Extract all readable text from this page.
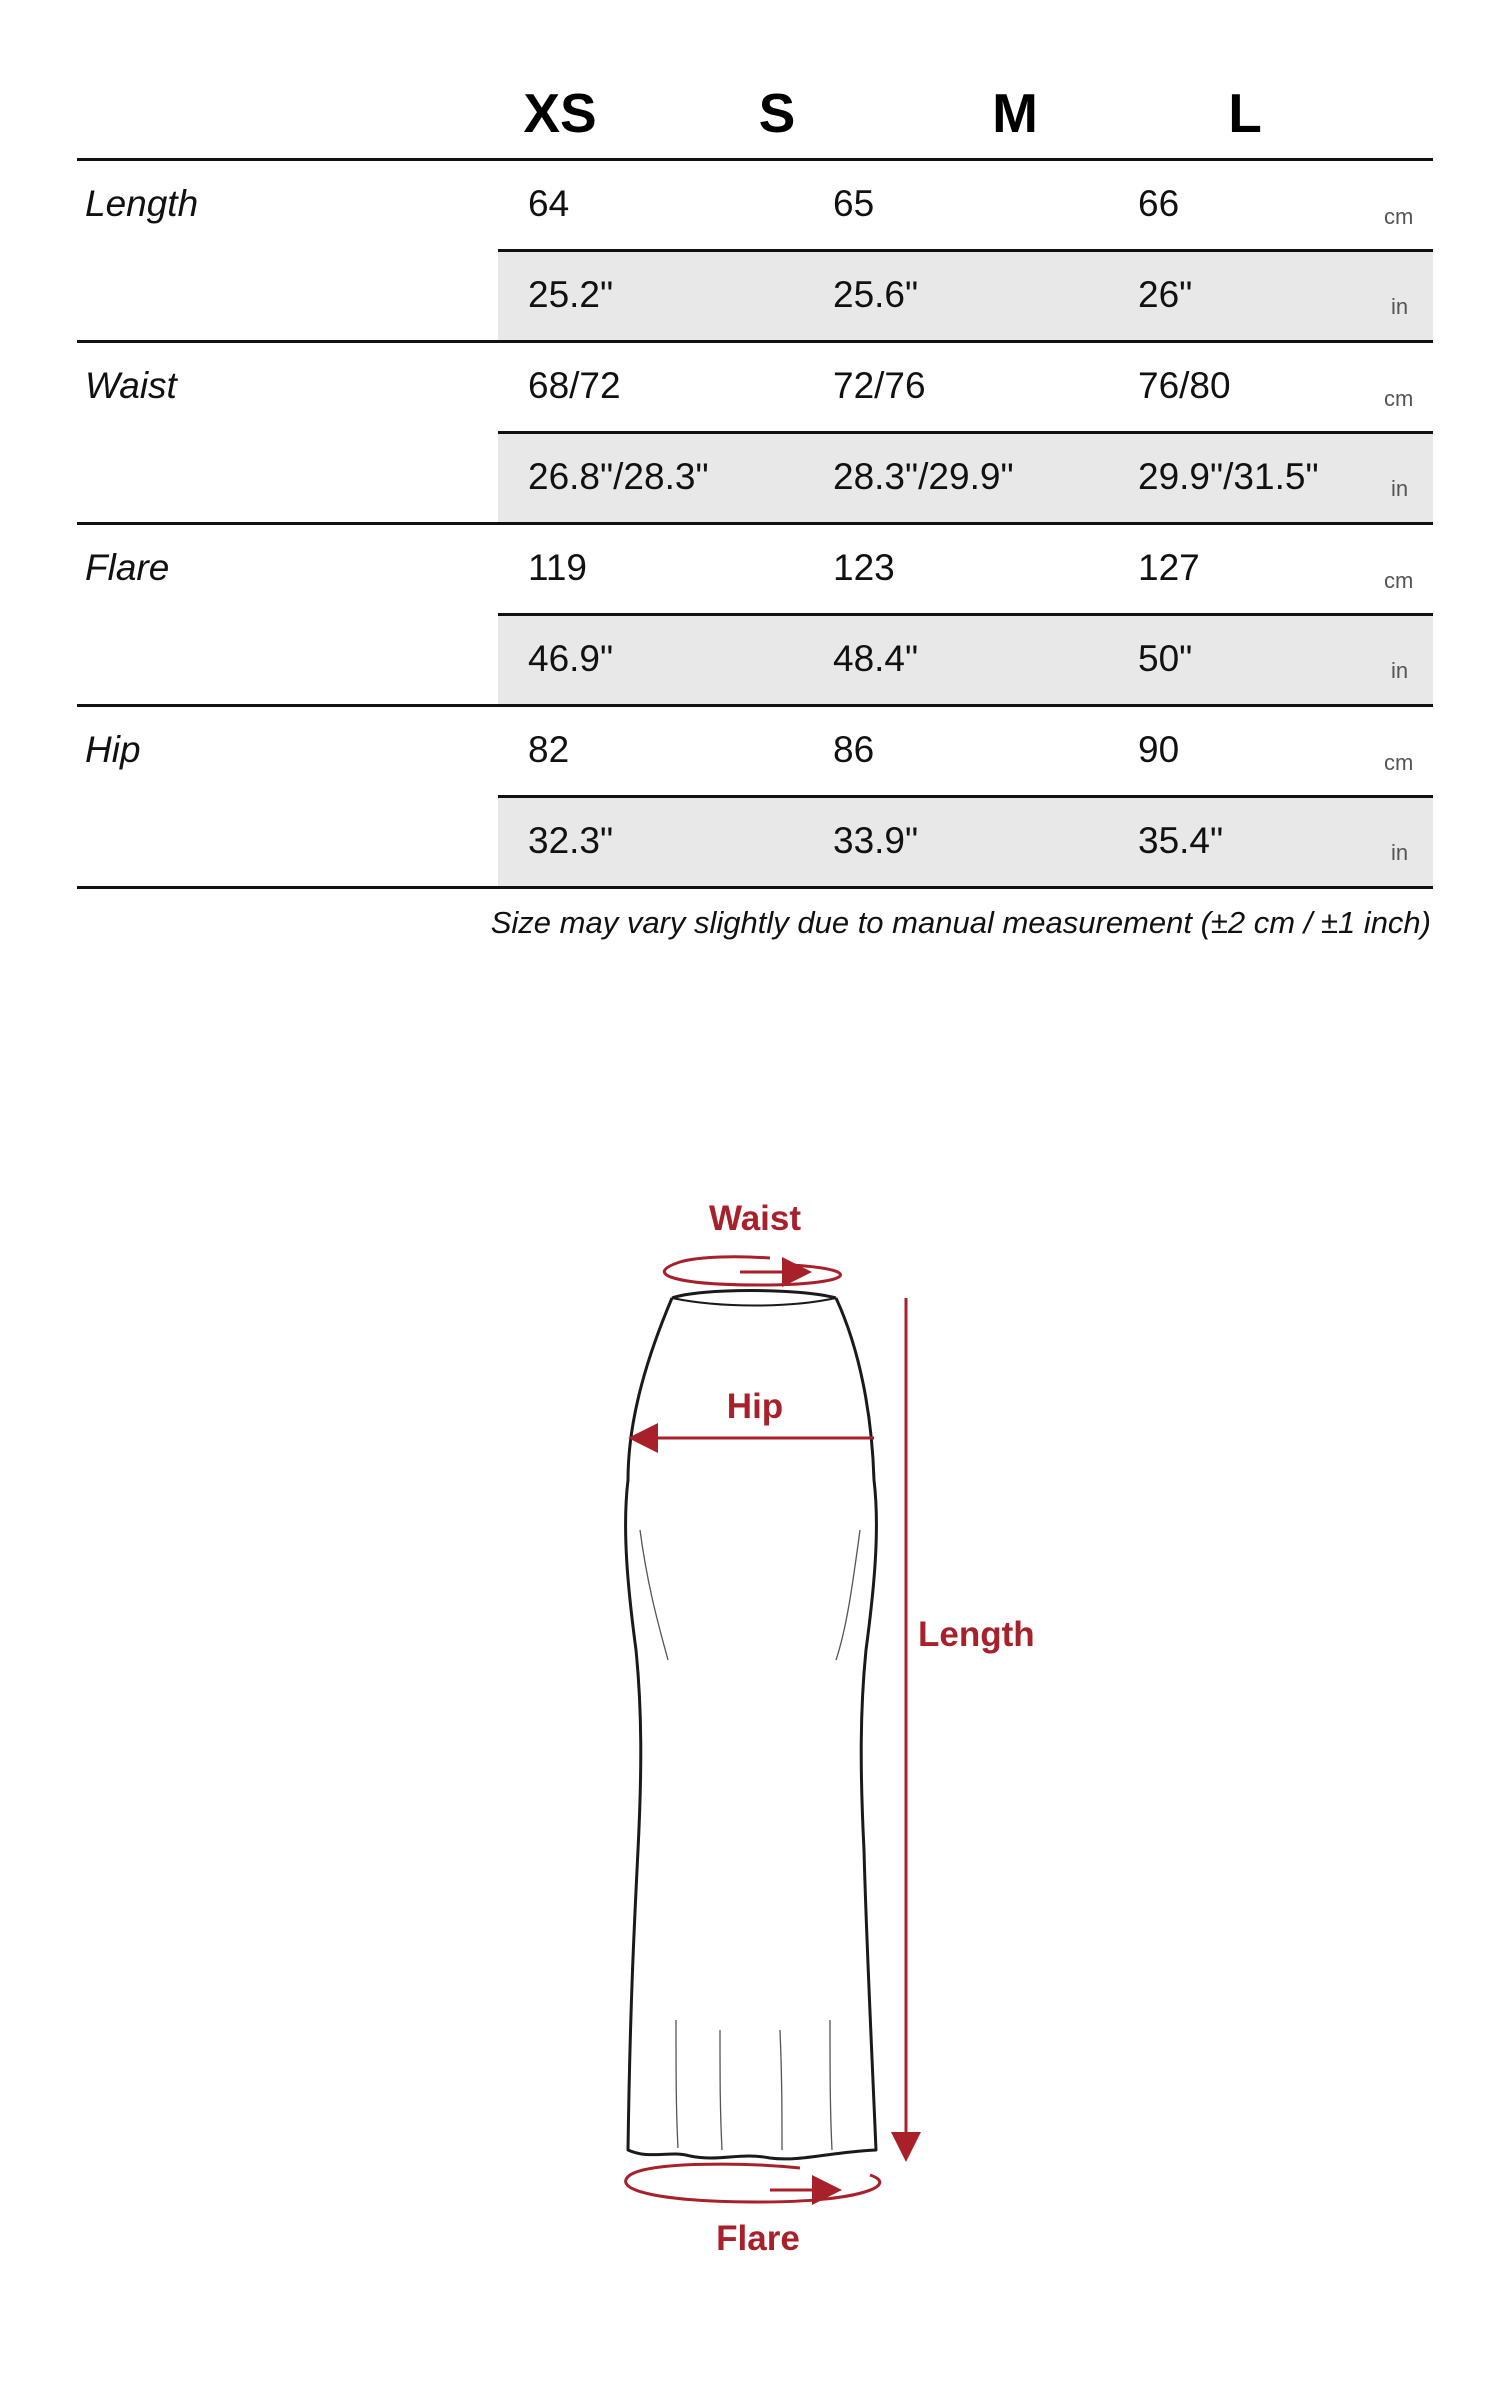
XS	S	M	L
Length	64	65	66	cm
25.2"	25.6"	26"	in
Waist	68/72	72/76	76/80	cm
26.8"/28.3"	28.3"/29.9"	29.9"/31.5"	in
Flare	119	123	127	cm
46.9"	48.4"	50"	in
Hip	82	86	90	cm
32.3"	33.9"	35.4"	in
Size may vary slightly due to manual measurement (±2 cm / ±1 inch)
Waist
Hip
Length
Flare
